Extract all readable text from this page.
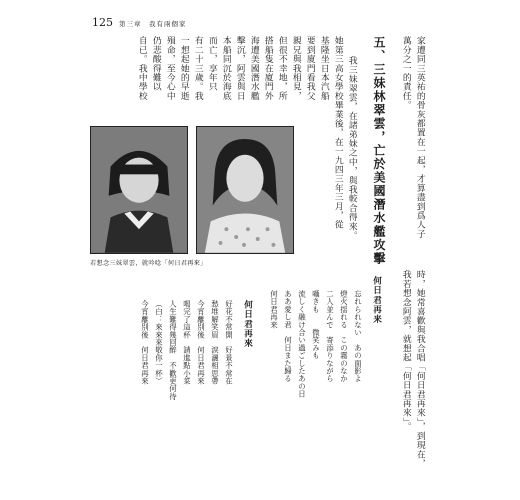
125 第三章　我有兩個家
家遭同三英祐的骨灰都置在一起，才算盡到爲人子
萬分之一的責任。
五、三妹林翠雲，亡於美國潛水艦攻擊
我三妹翠雲，在諸弟妹之中，與我較合得來。
她第三高女學校畢業後，在一九四三年三月，從
基隆坐日本汽船
要到廈門看我父
親兄與我相見，
但很不幸地，所
搭船隻在廈門外
海遭美國潛水艦
擊沉，阿雲與日
本船同沉於海底
而亡，享年只
有二十三歲。我
一想起她的早逝
殞命，至今心中
仍悲酸得難以
自已。我中學校
若想念三妹翠雲，就吟唸「何日君再來」
時，她常喜歡與我合唱「何日君再來」，到現在，
我若想念阿雲，就想起「何日君再來」。
何日君再来
忘れられない　あの面影よ
燈火揺れる　この霧のなか
二人並んで　寄添りながら
囁きも　　微笑みも
流しく融け合い過ごしたあの日
ああ愛し君　何日また歸る
何日君再来
何日君再來
好花不常開　好景不常在
愁堆解笑眉　淚灑相思帶
今宵離別後　何日君再來
喝完了這杯　請進點小菜
人生難得幾回醉　不歡更何待
（白：來來來敬你一杯）
今宵離別後　何日君再來
